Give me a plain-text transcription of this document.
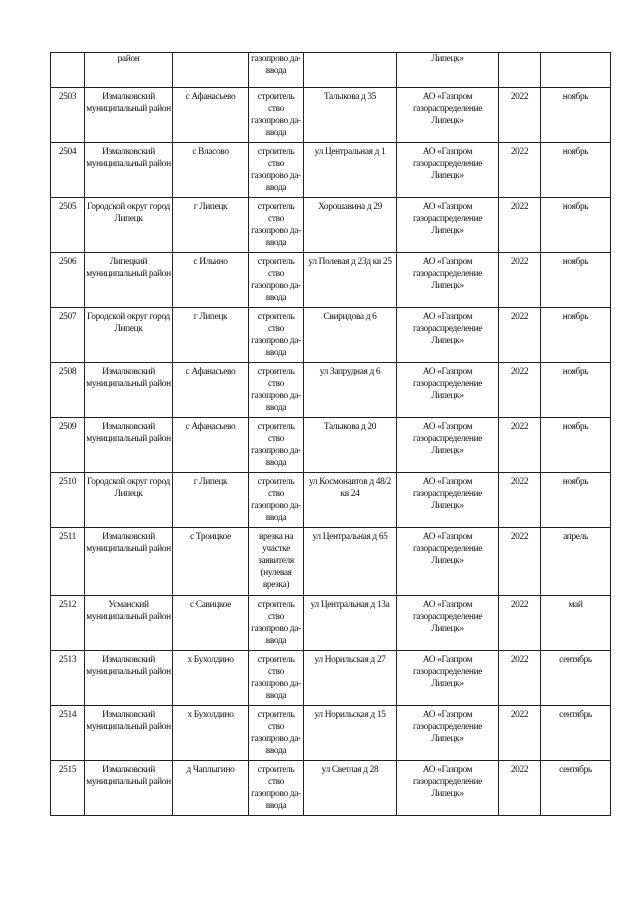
	район		газопрово да-ввода		Липецк»		
2503	Измалковский муниципальный район	с Афанасьево	строитель ство газопрово да-ввода	Талыкова д 35	АО «Газпром газораспределение Липецк»	2022	ноябрь
2504	Измалковский муниципальный район	с Власово	строитель ство газопрово да-ввода	ул Центральная д 1	АО «Газпром газораспределение Липецк»	2022	ноябрь
2505	Городской округ город Липецк	г Липецк	строитель ство газопрово да-ввода	Хорошавина д 29	АО «Газпром газораспределение Липецк»	2022	ноябрь
2506	Липецкий муниципальный район	с Ильино	строитель ство газопрово да-ввода	ул Полевая д 23д кв 25	АО «Газпром газораспределение Липецк»	2022	ноябрь
2507	Городской округ город Липецк	г Липецк	строитель ство газопрово да-ввода	Свиридова д 6	АО «Газпром газораспределение Липецк»	2022	ноябрь
2508	Измалковский муниципальный район	с Афанасьево	строитель ство газопрово да-ввода	ул Запрудная д 6	АО «Газпром газораспределение Липецк»	2022	ноябрь
2509	Измалковский муниципальный район	с Афанасьево	строитель ство газопрово да-ввода	Талыкова д 20	АО «Газпром газораспределение Липецк»	2022	ноябрь
2510	Городской округ город Липецк	г Липецк	строитель ство газопрово да-ввода	ул Космонавтов д 48/2 кв 24	АО «Газпром газораспределение Липецк»	2022	ноябрь
2511	Измалковский муниципальный район	с Троицкое	врезка на участке заявителя (нулевая врезка)	ул Центральная д 65	АО «Газпром газораспределение Липецк»	2022	апрель
2512	Усманский муниципальный район	с Савицкое	строитель ство газопрово да-ввода	ул Центральная д 13а	АО «Газпром газораспределение Липецк»	2022	май
2513	Измалковский муниципальный район	х Бухолдино	строитель ство газопрово да-ввода	ул Норильская д 27	АО «Газпром газораспределение Липецк»	2022	сентябрь
2514	Измалковский муниципальный район	х Бухолдино	строитель ство газопрово да-ввода	ул Норильская д 15	АО «Газпром газораспределение Липецк»	2022	сентябрь
2515	Измалковский муниципальный район	д Чаплыгино	строитель ство газопрово да-ввода	ул Светлая д 28	АО «Газпром газораспределение Липецк»	2022	сентябрь
